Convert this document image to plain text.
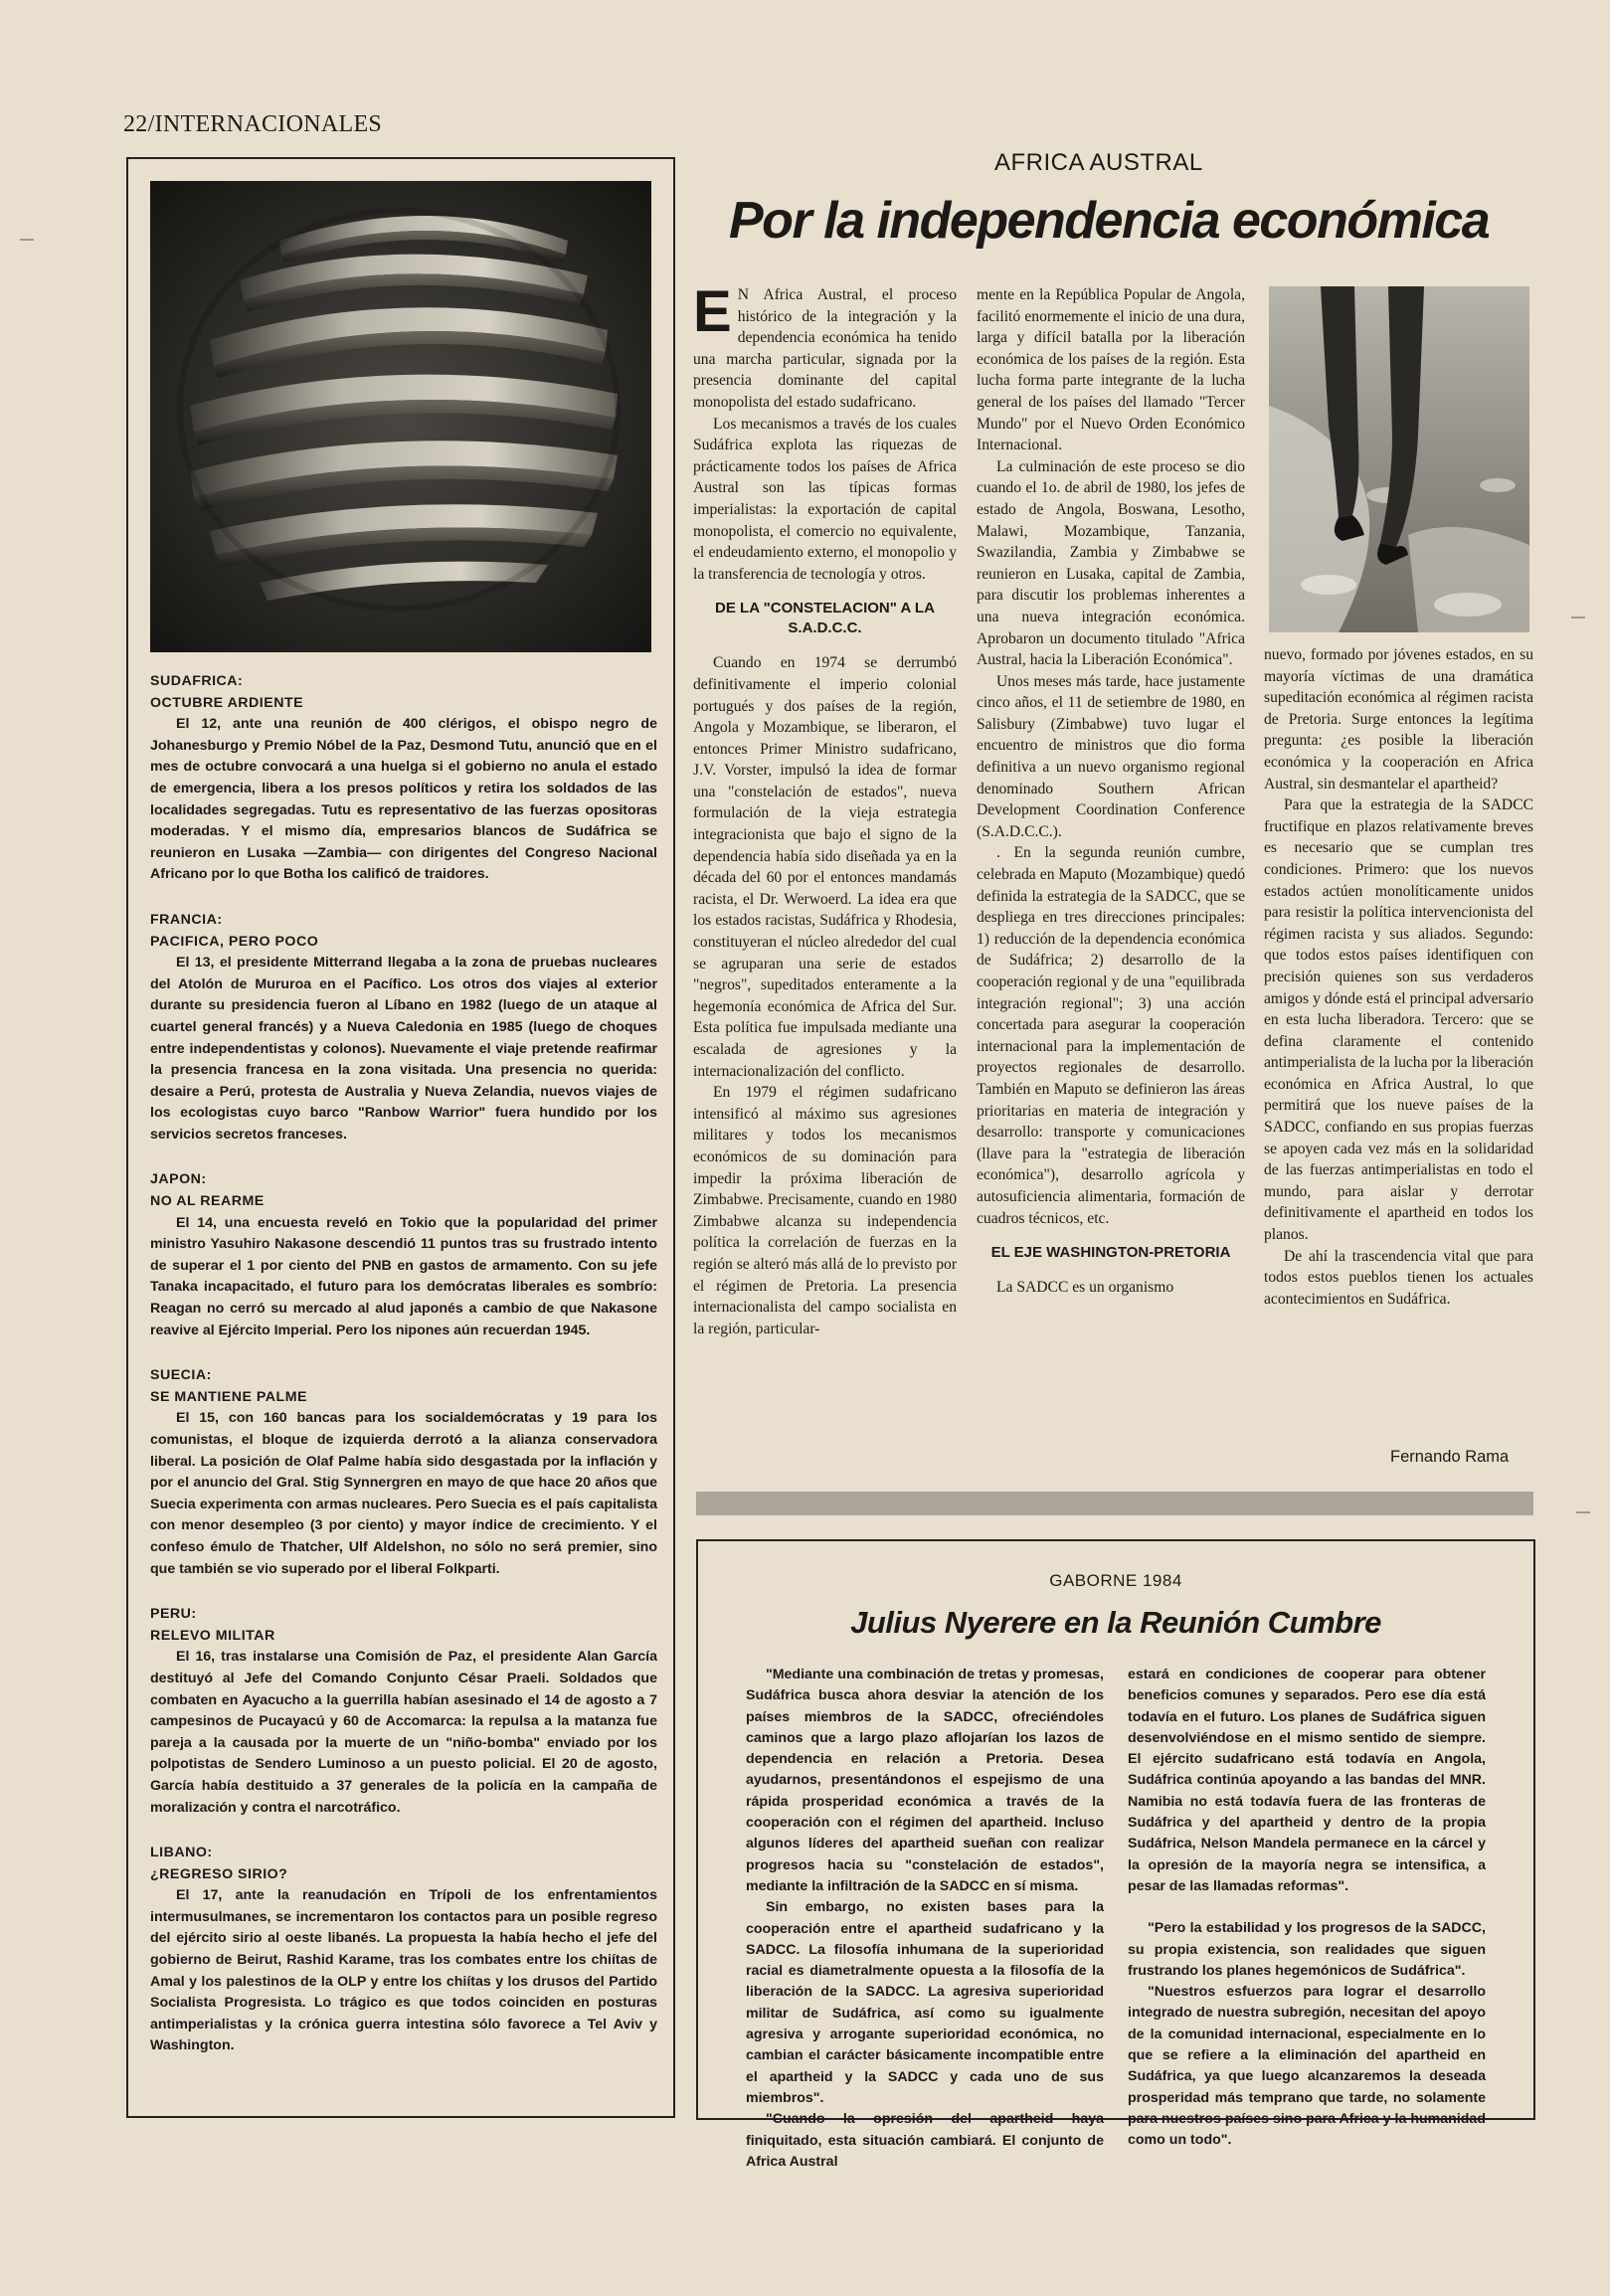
22/INTERNACIONALES
SUDAFRICA:
OCTUBRE ARDIENTE
El 12, ante una reunión de 400 clérigos, el obispo negro de Johanesburgo y Premio Nóbel de la Paz, Desmond Tutu, anunció que en el mes de octubre convocará a una huelga si el gobierno no anula el estado de emergencia, libera a los presos políticos y retira los soldados de las localidades segregadas. Tutu es representativo de las fuerzas opositoras moderadas. Y el mismo día, empresarios blancos de Sudáfrica se reunieron en Lusaka —Zambia— con dirigentes del Congreso Nacional Africano por lo que Botha los calificó de traidores.
FRANCIA:
PACIFICA, PERO POCO
El 13, el presidente Mitterrand llegaba a la zona de pruebas nucleares del Atolón de Mururoa en el Pacífico. Los otros dos viajes al exterior durante su presidencia fueron al Líbano en 1982 (luego de un ataque al cuartel general francés) y a Nueva Caledonia en 1985 (luego de choques entre independentistas y colonos). Nuevamente el viaje pretende reafirmar la presencia francesa en la zona visitada. Una presencia no querida: desaire a Perú, protesta de Australia y Nueva Zelandia, nuevos viajes de los ecologistas cuyo barco "Ranbow Warrior" fuera hundido por los servicios secretos franceses.
JAPON:
NO AL REARME
El 14, una encuesta reveló en Tokio que la popularidad del primer ministro Yasuhiro Nakasone descendió 11 puntos tras su frustrado intento de superar el 1 por ciento del PNB en gastos de armamento. Con su jefe Tanaka incapacitado, el futuro para los demócratas liberales es sombrío: Reagan no cerró su mercado al alud japonés a cambio de que Nakasone reavive al Ejército Imperial. Pero los nipones aún recuerdan 1945.
SUECIA:
SE MANTIENE PALME
El 15, con 160 bancas para los socialdemócratas y 19 para los comunistas, el bloque de izquierda derrotó a la alianza conservadora liberal. La posición de Olaf Palme había sido desgastada por la inflación y por el anuncio del Gral. Stig Synnergren en mayo de que hace 20 años que Suecia experimenta con armas nucleares. Pero Suecia es el país capitalista con menor desempleo (3 por ciento) y mayor índice de crecimiento. Y el confeso émulo de Thatcher, Ulf Aldelshon, no sólo no será premier, sino que también se vio superado por el liberal Folkparti.
PERU:
RELEVO MILITAR
El 16, tras instalarse una Comisión de Paz, el presidente Alan García destituyó al Jefe del Comando Conjunto César Praeli. Soldados que combaten en Ayacucho a la guerrilla habían asesinado el 14 de agosto a 7 campesinos de Pucayacú y 60 de Accomarca: la repulsa a la matanza fue pareja a la causada por la muerte de un "niño-bomba" enviado por los polpotistas de Sendero Luminoso a un puesto policial. El 20 de agosto, García había destituido a 37 generales de la policía en la campaña de moralización y contra el narcotráfico.
LIBANO:
¿REGRESO SIRIO?
El 17, ante la reanudación en Trípoli de los enfrentamientos intermusulmanes, se incrementaron los contactos para un posible regreso del ejército sirio al oeste libanés. La propuesta la había hecho el jefe del gobierno de Beirut, Rashid Karame, tras los combates entre los chiítas de Amal y los palestinos de la OLP y entre los chiítas y los drusos del Partido Socialista Progresista. Lo trágico es que todos coinciden en posturas antimperialistas y la crónica guerra intestina sólo favorece a Tel Aviv y Washington.
AFRICA AUSTRAL
Por la independencia económica

E N Africa Austral, el proceso histórico de la integración y la dependencia económica ha tenido una marcha particular, signada por la presencia dominante del capital monopolista del estado sudafricano.

Los mecanismos a través de los cuales Sudáfrica explota las riquezas de prácticamente todos los países de Africa Austral son las típicas formas imperialistas: la exportación de capital monopolista, el comercio no equivalente, el endeudamiento externo, el monopolio y la transferencia de tecnología y otros.

DE LA "CONSTELACION" A LA S.A.D.C.C.

Cuando en 1974 se derrumbó definitivamente el imperio colonial portugués y dos países de la región, Angola y Mozambique, se liberaron, el entonces Primer Ministro sudafricano, J.V. Vorster, impulsó la idea de formar una "constelación de estados", nueva formulación de la vieja estrategia integracionista que bajo el signo de la dependencia había sido diseñada ya en la década del 60 por el entonces mandamás racista, el Dr. Werwoerd. La idea era que los estados racistas, Sudáfrica y Rhodesia, constituyeran el núcleo alrededor del cual se agruparan una serie de estados "negros", supeditados enteramente a la hegemonía económica de Africa del Sur. Esta política fue impulsada mediante una escalada de agresiones y la internacionalización del conflicto.

En 1979 el régimen sudafricano intensificó al máximo sus agresiones militares y todos los mecanismos económicos de su dominación para impedir la próxima liberación de Zimbabwe. Precisamente, cuando en 1980 Zimbabwe alcanza su independencia política la correlación de fuerzas en la región se alteró más allá de lo previsto por el régimen de Pretoria. La presencia internacionalista del campo socialista en la región, particular-

mente en la República Popular de Angola, facilitó enormemente el inicio de una dura, larga y difícil batalla por la liberación económica de los países de la región. Esta lucha forma parte integrante de la lucha general de los países del llamado "Tercer Mundo" por el Nuevo Orden Económico Internacional.

La culminación de este proceso se dio cuando el 1o. de abril de 1980, los jefes de estado de Angola, Boswana, Lesotho, Malawi, Mozambique, Tanzania, Swazilandia, Zambia y Zimbabwe se reunieron en Lusaka, capital de Zambia, para discutir los problemas inherentes a una nueva integración económica. Aprobaron un documento titulado "Africa Austral, hacia la Liberación Económica".

Unos meses más tarde, hace justamente cinco años, el 11 de setiembre de 1980, en Salisbury (Zimbabwe) tuvo lugar el encuentro de ministros que dio forma definitiva a un nuevo organismo regional denominado Southern African Development Coordination Conference (S.A.D.C.C.).

. En la segunda reunión cumbre, celebrada en Maputo (Mozambique) quedó definida la estrategia de la SADCC, que se despliega en tres direcciones principales: 1) reducción de la dependencia económica de Sudáfrica; 2) desarrollo de la cooperación regional y de una "equilibrada integración regional"; 3) una acción concertada para asegurar la cooperación internacional para la implementación de proyectos regionales de desarrollo. También en Maputo se definieron las áreas prioritarias en materia de integración y desarrollo: transporte y comunicaciones (llave para la "estrategia de liberación económica"), desarrollo agrícola y autosuficiencia alimentaria, formación de cuadros técnicos, etc.

EL EJE WASHINGTON-PRETORIA

La SADCC es un organismo

nuevo, formado por jóvenes estados, en su mayoría víctimas de una dramática supeditación económica al régimen racista de Pretoria. Surge entonces la legítima pregunta: ¿es posible la liberación económica y la cooperación en Africa Austral, sin desmantelar el apartheid?

Para que la estrategia de la SADCC fructifique en plazos relativamente breves es necesario que se cumplan tres condiciones. Primero: que los nuevos estados actúen monolíticamente unidos para resistir la política intervencionista del régimen racista y sus aliados. Segundo: que todos estos países identifiquen con precisión quienes son sus verdaderos amigos y dónde está el principal adversario en esta lucha liberadora. Tercero: que se defina claramente el contenido antimperialista de la lucha por la liberación económica en Africa Austral, lo que permitirá que los nueve países de la SADCC, confiando en sus propias fuerzas se apoyen cada vez más en la solidaridad de las fuerzas antimperialistas en todo el mundo, para aislar y derrotar definitivamente el apartheid en todos los planos.

De ahí la trascendencia vital que para todos estos pueblos tienen los actuales acontecimientos en Sudáfrica.

Fernando Rama
GABORNE 1984
Julius Nyerere en la Reunión Cumbre

"Mediante una combinación de tretas y promesas, Sudáfrica busca ahora desviar la atención de los países miembros de la SADCC, ofreciéndoles caminos que a largo plazo aflojarían los lazos de dependencia en relación a Pretoria. Desea ayudarnos, presentándonos el espejismo de una rápida prosperidad económica a través de la cooperación con el régimen del apartheid. Incluso algunos líderes del apartheid sueñan con realizar progresos hacia su "constelación de estados", mediante la infiltración de la SADCC en sí misma.

Sin embargo, no existen bases para la cooperación entre el apartheid sudafricano y la SADCC. La filosofía inhumana de la superioridad racial es diametralmente opuesta a la filosofía de la liberación de la SADCC. La agresiva superioridad militar de Sudáfrica, así como su igualmente agresiva y arrogante superioridad económica, no cambian el carácter básicamente incompatible entre el apartheid y la SADCC y cada uno de sus miembros".

"Cuando la opresión del apartheid haya finiquitado, esta situación cambiará. El conjunto de Africa Austral

estará en condiciones de cooperar para obtener beneficios comunes y separados. Pero ese día está todavía en el futuro. Los planes de Sudáfrica siguen desenvolviéndose en el mismo sentido de siempre. El ejército sudafricano está todavía en Angola, Sudáfrica continúa apoyando a las bandas del MNR. Namibia no está todavía fuera de las fronteras de Sudáfrica y del apartheid y dentro de la propia Sudáfrica, Nelson Mandela permanece en la cárcel y la opresión de la mayoría negra se intensifica, a pesar de las llamadas reformas".

"Pero la estabilidad y los progresos de la SADCC, su propia existencia, son realidades que siguen frustrando los planes hegemónicos de Sudáfrica".

"Nuestros esfuerzos para lograr el desarrollo integrado de nuestra subregión, necesitan del apoyo de la comunidad internacional, especialmente en lo que se refiere a la eliminación del apartheid en Sudáfrica, ya que luego alcanzaremos la deseada prosperidad más temprano que tarde, no solamente para nuestros países sino para Africa y la humanidad como un todo".
